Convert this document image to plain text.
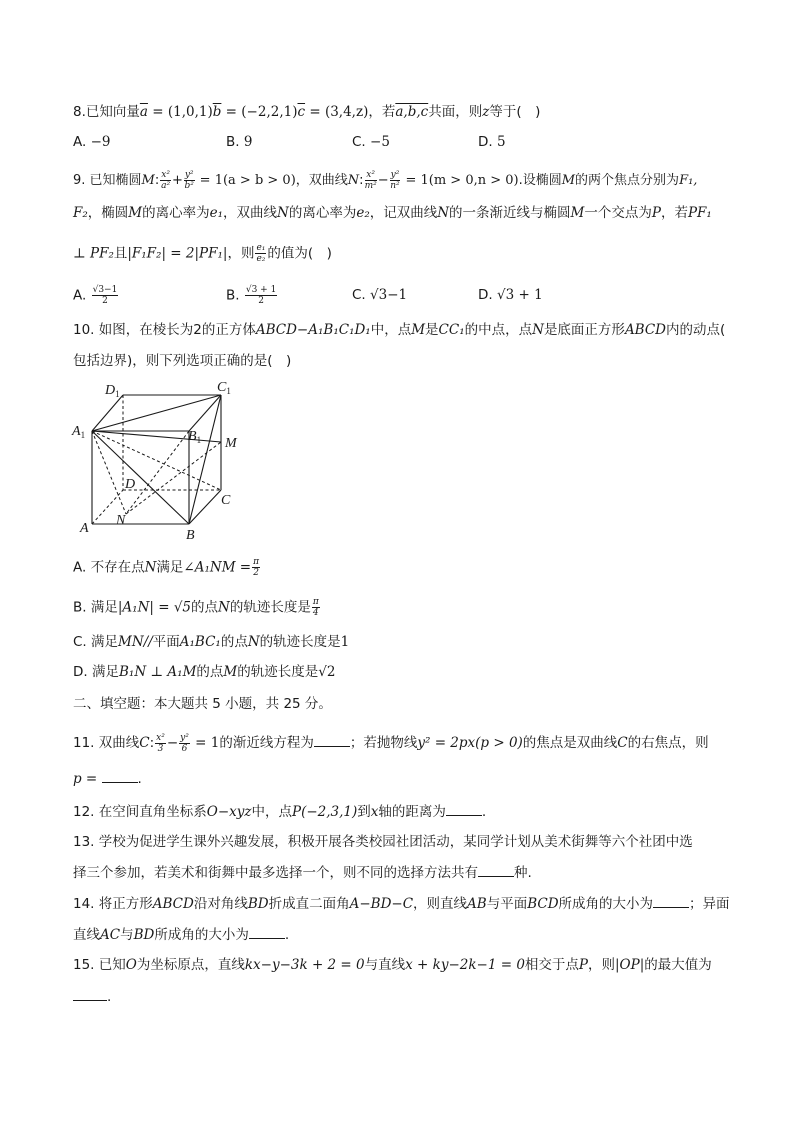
8.已知向量$\overline{a} = (1,0,1)\overline{b} = (-2,2,1)\overline{c} = (3,4,z)$，若a,b,c共面，则z等于(　)
A. −9	B. 9	C. −5	D. 5
9. 已知椭圆M: $\frac{\text{x²}}{\text{a²}} + \frac{\text{y²}}{\text{b²}} = 1(a > b > 0)$，双曲线N: $\frac{\text{x²}}{\text{m²}} - \frac{\text{y²}}{\text{n²}} = 1(m > 0,n > 0)$.设椭圆M的两个焦点分别为F₁,
F₂，椭圆M的离心率为e₁，双曲线N的离心率为e₂，记双曲线N的一条渐近线与椭圆M一个交点为P，若PF₁
⊥ PF₂且|F₁F₂| = 2|PF₁|，则 $\frac{\text{e₁}}{\text{e₂}}$ 的值为(　)
A. $\frac{√3-1}{2}$	B. $\frac{√3 + 1}{2}$	C. √3−1	D. √3 + 1
10. 如图，在棱长为2的正方体ABCD−A₁B₁C₁D₁中，点M是CC₁的中点，点N是底面正方形ABCD内的动点(
包括边界)，则下列选项正确的是(　)
$D_1$	$C_1$
$A_1$	$B_1$ M
D
C
A
N
B
A. 不存在点N满足∠A₁NM = $\frac{\pi}{2}$
B. 满足|A₁N| = √5的点N的轨迹长度是 $\frac{\pi}{4}$
C. 满足MN//平面A₁BC₁的点N的轨迹长度是1
D. 满足B₁N ⊥ A₁M的点M的轨迹长度是√2
二、填空题：本大题共 5 小题，共 25 分。
11. 双曲线C: $\frac{\text{x²}}{3} - \frac{\text{y²}}{6} = 1$的渐近线方程为	；若抛物线y² = 2px(p > 0)的焦点是双曲线C的右焦点，则
p =	.
12. 在空间直角坐标系O−xyz中，点P(−2,3,1)到x轴的距离为	.
13. 学校为促进学生课外兴趣发展，积极开展各类校园社团活动，某同学计划从美术街舞等六个社团中选
择三个参加，若美术和街舞中最多选择一个，则不同的选择方法共有	种.
14. 将正方形ABCD沿对角线BD折成直二面角A−BD−C，则直线AB与平面BCD所成角的大小为	；异面
直线AC与BD所成角的大小为	.
15. 已知O为坐标原点，直线kx−y−3k + 2 = 0与直线x + ky−2k−1 = 0相交于点P，则|OP|的最大值为
.
